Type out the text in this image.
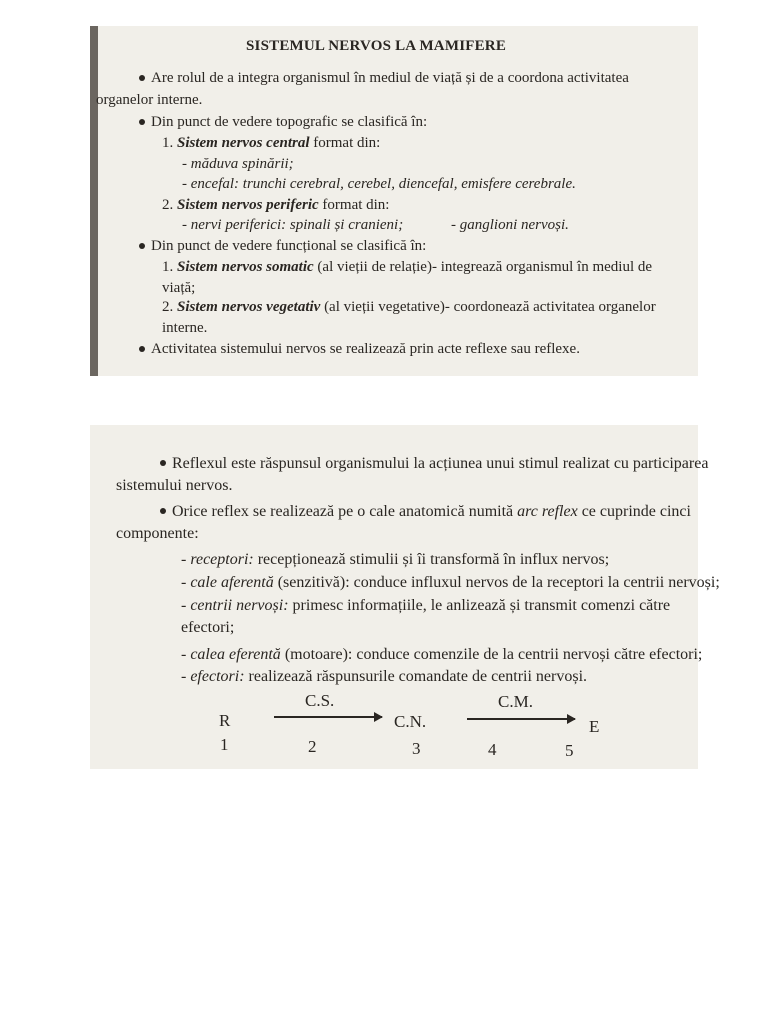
SISTEMUL NERVOS LA MAMIFERE
Are rolul de a integra organismul în mediul de viață și de a coordona activitatea
organelor interne.
Din punct de vedere topografic se clasifică în:
1. Sistem nervos central format din:
- măduva spinării;
- encefal: trunchi cerebral, cerebel, diencefal, emisfere cerebrale.
2. Sistem nervos periferic format din:
- nervi periferici: spinali și cranieni;	- ganglioni nervoși.
Din punct de vedere funcțional se clasifică în:
1. Sistem nervos somatic (al vieții de relație)- integrează organismul în mediul de
viață;
2. Sistem nervos vegetativ (al vieții vegetative)- coordonează activitatea organelor
interne.
Activitatea sistemului nervos se realizează prin acte reflexe sau reflexe.
Reflexul este răspunsul organismului la acțiunea unui stimul realizat cu participarea
sistemului nervos.
Orice reflex se realizează pe o cale anatomică numită arc reflex ce cuprinde cinci
componente:
- receptori: recepționează stimulii și îi transformă în influx nervos;
- cale aferentă (senzitivă): conduce influxul nervos de la receptori la centrii nervoși;
- centrii nervoși: primesc informațiile, le anlizează și transmit comenzi către
efectori;
- calea eferentă (motoare): conduce comenzile de la centrii nervoși către efectori;
- efectori: realizează răspunsurile comandate de centrii nervoși.
C.S.	C.M.
R	C.N.	E
1	2	3	4	5
